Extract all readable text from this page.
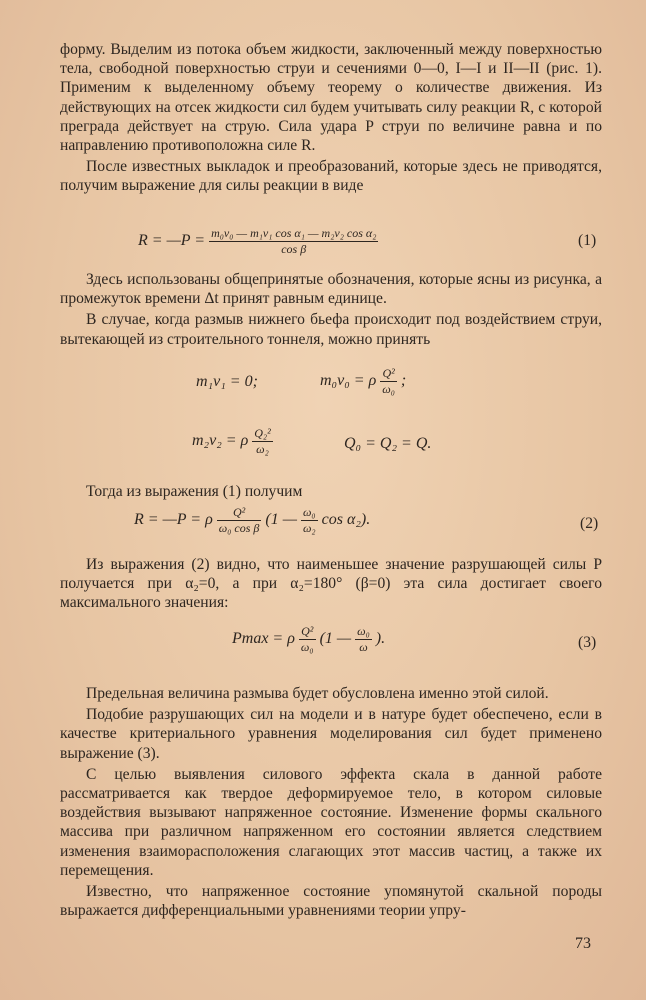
форму. Выделим из потока объем жидкости, заключенный между поверхностью тела, свободной поверхностью струи и сечениями 0—0, I—I и II—II (рис. 1). Применим к выделенному объему теорему о количестве движения. Из действующих на отсек жидкости сил будем учитывать силу реакции R, с которой преграда действует на струю. Сила удара P струи по величине равна и по направлению противоположна силе R.

После известных выкладок и преобразований, которые здесь не приводятся, получим выражение для силы реакции в виде

R = —P = $\frac{\text{m₀v₀ — m₁v₁ cos α₁ — m₂v₂ cos α₂}}{\text{cos β}}$	(1)

Здесь использованы общепринятые обозначения, которые ясны из рисунка, а промежуток времени Δt принят равным единице.

В случае, когда размыв нижнего бьефа происходит под воздействием струи, вытекающей из строительного тоннеля, можно принять

m₁v₁ = 0;	m₀v₀ = ρ $\frac{\text{Q²}}{\text{ω₀}}$ ;
m₂v₂ = ρ $\frac{\text{Q₂²}}{\text{ω₂}}$	Q₀ = Q₂ = Q.

Тогда из выражения (1) получим

R = —P = ρ $\frac{\text{Q²}}{\text{ω₀ cos β}} (1$ — $\frac{\text{ω₀}}{\text{ω₂}}$ cos α₂).	(2)

Из выражения (2) видно, что наименьшее значение разрушающей силы P получается при α₂=0, а при α₂=180° (β=0) эта сила достигает своего максимального значения:

Pmax = ρ $\frac{\text{Q²}}{\text{ω₀}} (1$ — $\frac{\text{ω₀}}{\omega}$ ).	(3)

Предельная величина размыва будет обусловлена именно этой силой.

Подобие разрушающих сил на модели и в натуре будет обеспечено, если в качестве критериального уравнения моделирования сил будет применено выражение (3).

С целью выявления силового эффекта скала в данной работе рассматривается как твердое деформируемое тело, в котором силовые воздействия вызывают напряженное состояние. Изменение формы скального массива при различном напряженном его состоянии является следствием изменения взаиморасположения слагающих этот массив частиц, а также их перемещения.

Известно, что напряженное состояние упомянутой скальной породы выражается дифференциальными уравнениями теории упру-

73
